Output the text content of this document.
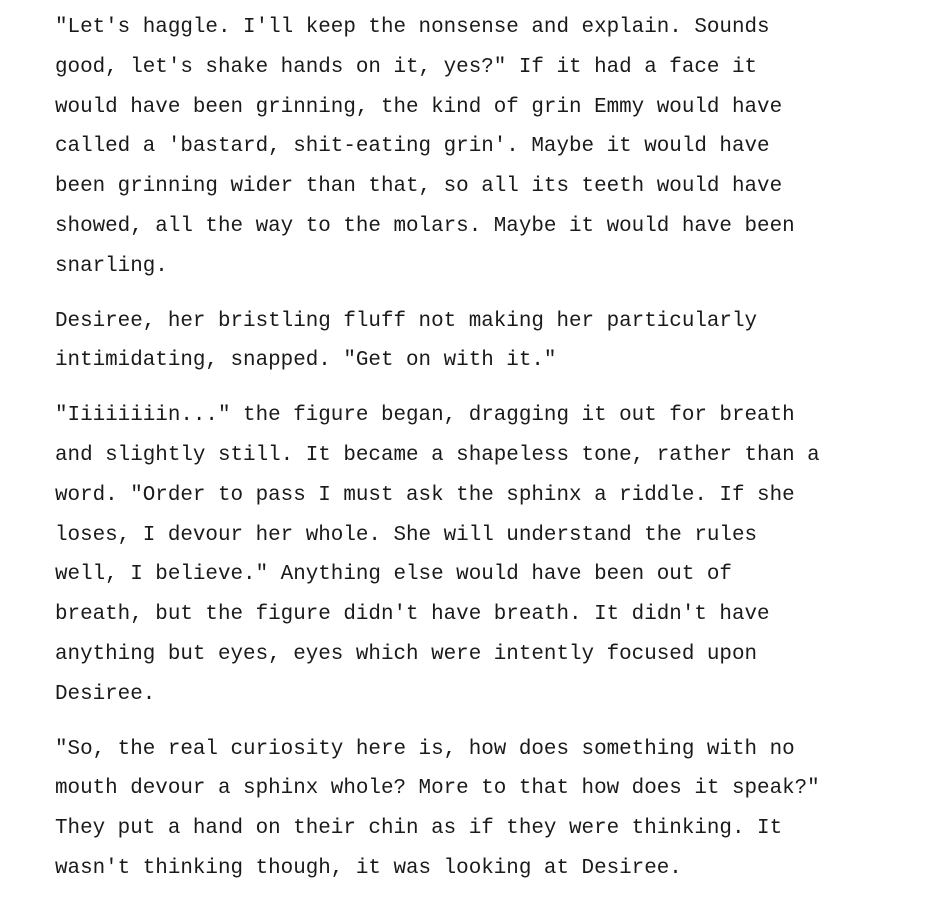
"Let's haggle. I'll keep the nonsense and explain. Sounds
good, let's shake hands on it, yes?" If it had a face it
would have been grinning, the kind of grin Emmy would have
called a 'bastard, shit-eating grin'. Maybe it would have
been grinning wider than that, so all its teeth would have
showed, all the way to the molars. Maybe it would have been
snarling.
Desiree, her bristling fluff not making her particularly
intimidating, snapped. "Get on with it."
"Iiiiiiiin..." the figure began, dragging it out for breath
and slightly still. It became a shapeless tone, rather than a
word. "Order to pass I must ask the sphinx a riddle. If she
loses, I devour her whole. She will understand the rules
well, I believe." Anything else would have been out of
breath, but the figure didn't have breath. It didn't have
anything but eyes, eyes which were intently focused upon
Desiree.
"So, the real curiosity here is, how does something with no
mouth devour a sphinx whole? More to that how does it speak?"
They put a hand on their chin as if they were thinking. It
wasn't thinking though, it was looking at Desiree.
